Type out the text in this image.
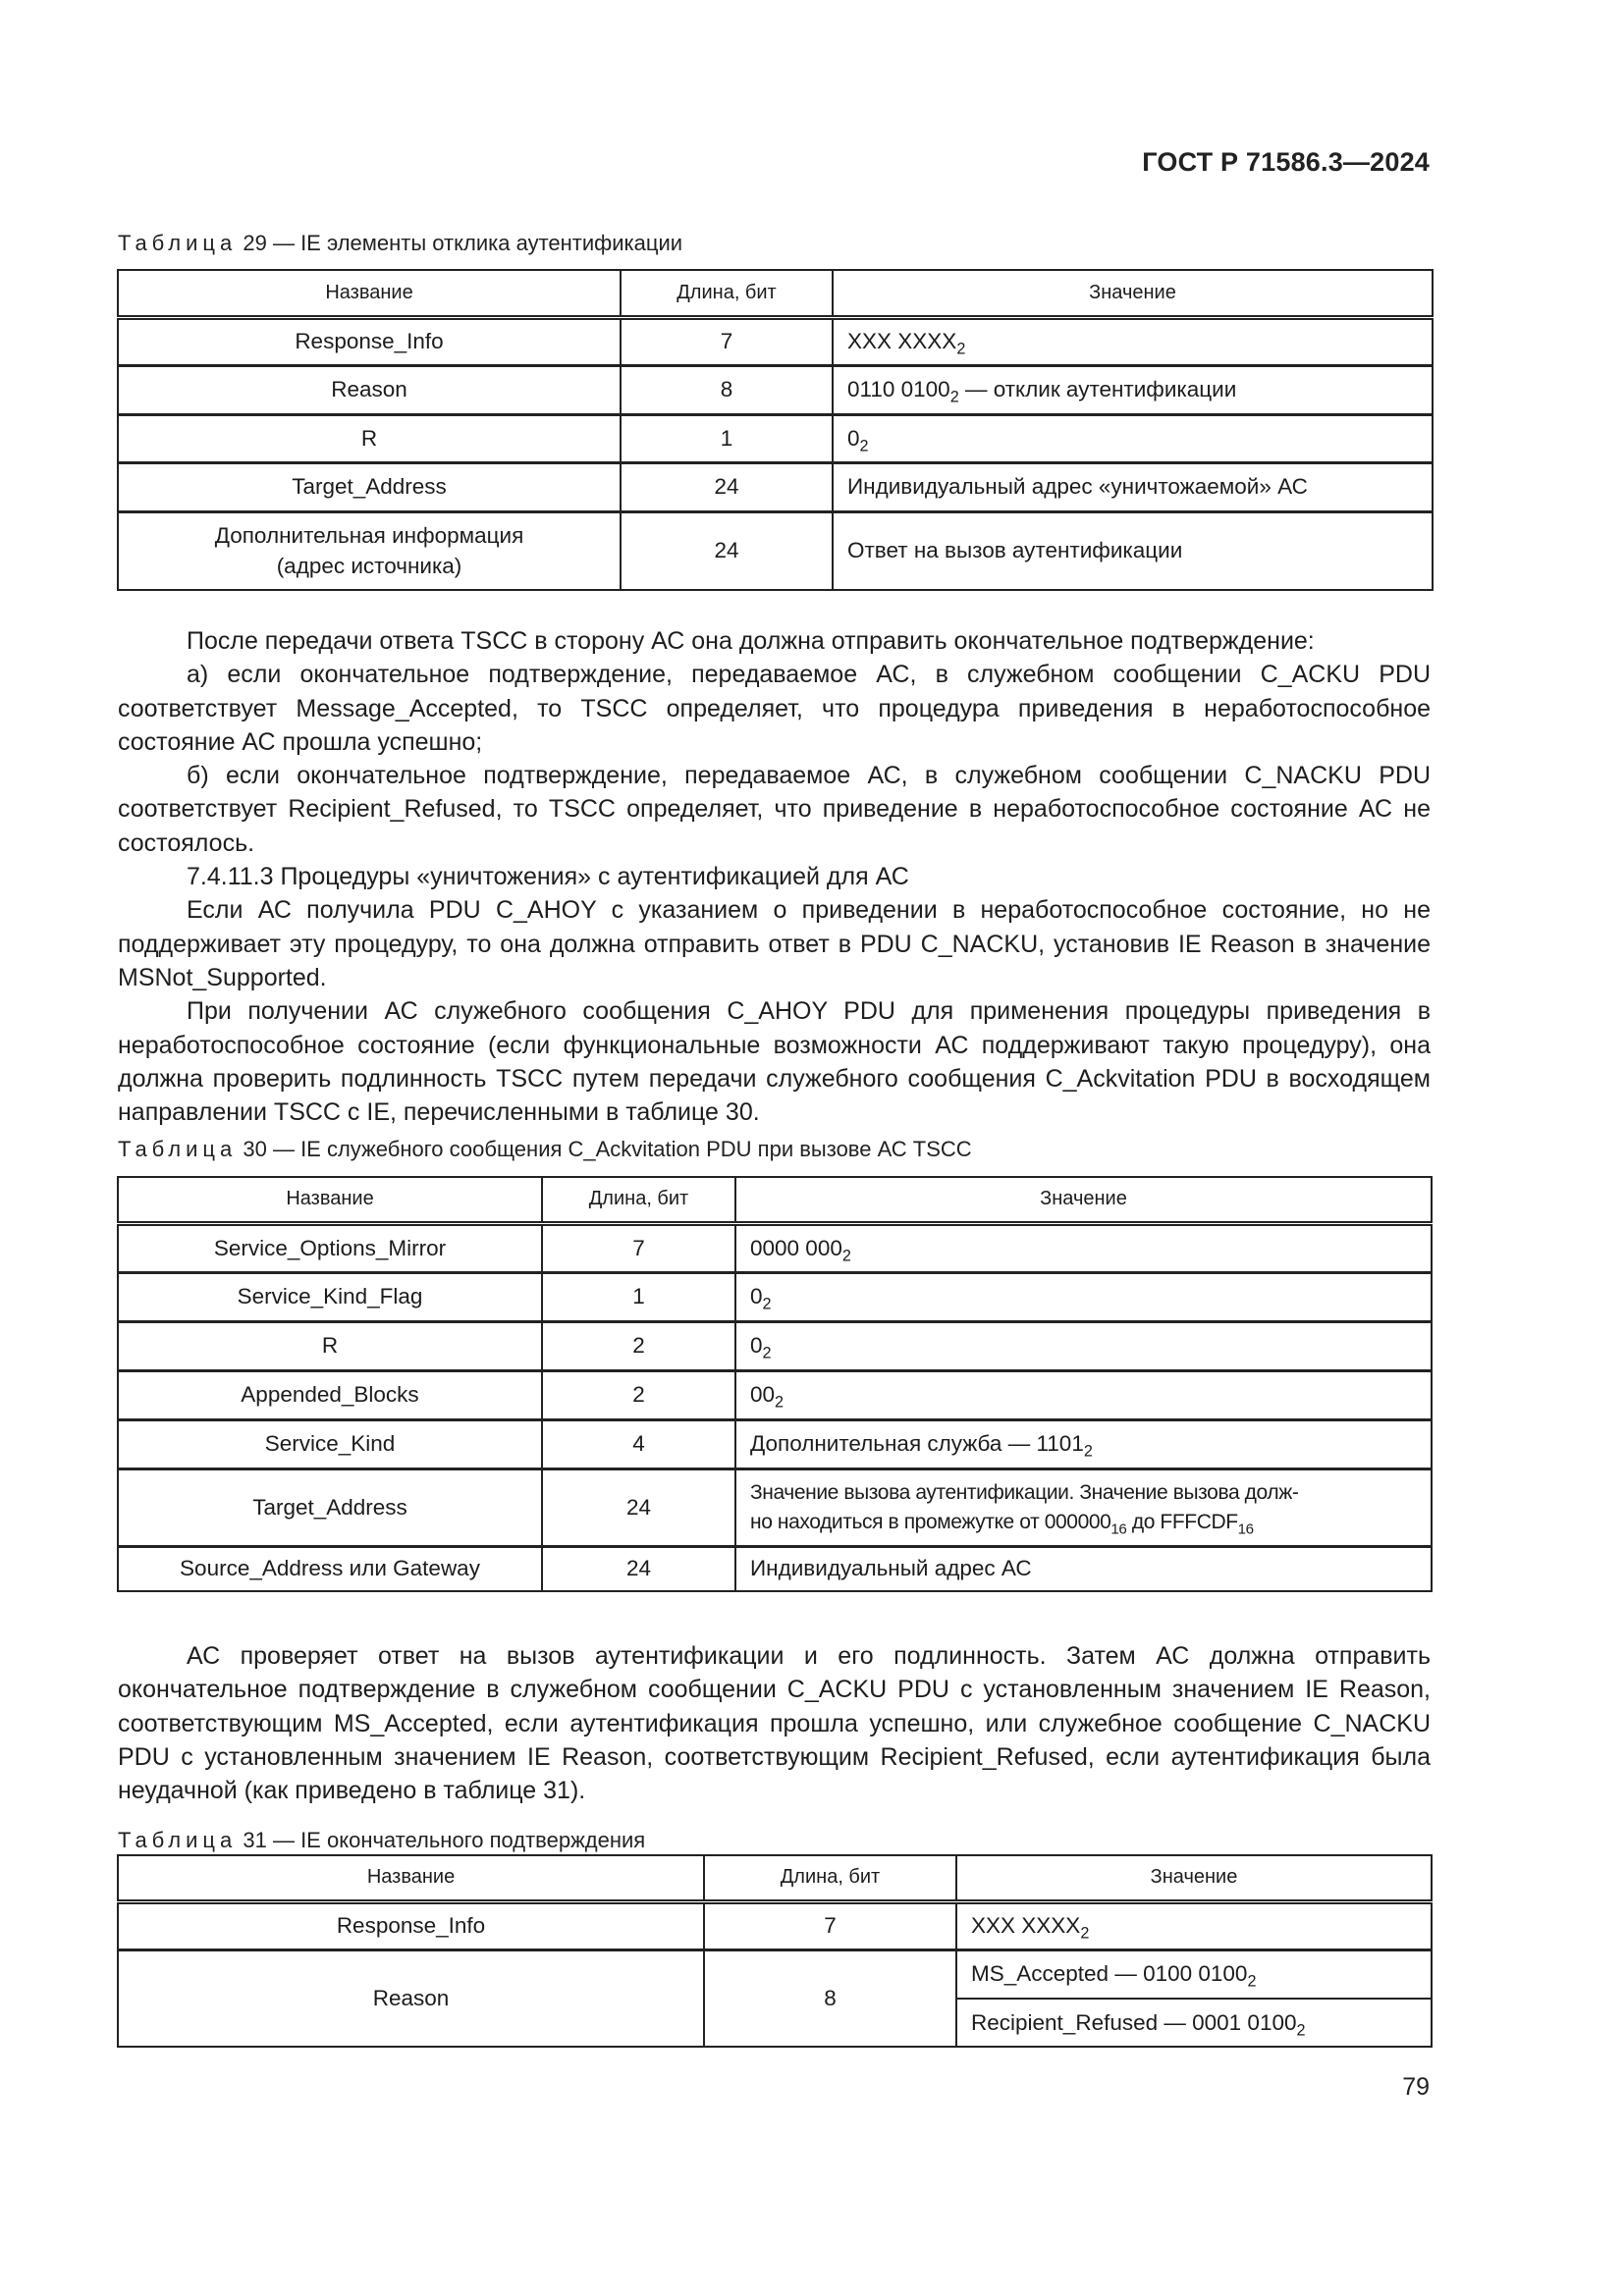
ГОСТ Р 71586.3—2024
Таблица 29 — IE элементы отклика аутентификации
Название	Длина, бит	Значение
Response_Info	7	XXX $XXXX_2$
Reason	8	0110 $0100_2$ — отклик аутентификации
R	1	$0_2$
Target_Address	24	Индивидуальный адрес «уничтожаемой» АС
Дополнительная информация
(адрес источника)	24	Ответ на вызов аутентификации

После передачи ответа TSCC в сторону АС она должна отправить окончательное подтверждение:

а) если окончательное подтверждение, передаваемое АС, в служебном сообщении C_ACKU PDU соответствует Message_Accepted, то TSCC определяет, что процедура приведения в неработоспособное состояние АС прошла успешно;

б) если окончательное подтверждение, передаваемое АС, в служебном сообщении C_NACKU PDU соответствует Recipient_Refused, то TSCC определяет, что приведение в неработоспособное состояние АС не состоялось.

7.4.11.3 Процедуры «уничтожения» с аутентификацией для АС

Если АС получила PDU C_AHOY с указанием о приведении в неработоспособное состояние, но не поддерживает эту процедуру, то она должна отправить ответ в PDU C_NACKU, установив IE Reason в значение MSNot_Supported.

При получении АС служебного сообщения C_AHOY PDU для применения процедуры приведения в неработоспособное состояние (если функциональные возможности АС поддерживают такую процедуру), она должна проверить подлинность TSCC путем передачи служебного сообщения C_Ackvitation PDU в восходящем направлении TSCC с IE, перечисленными в таблице 30.

Таблица 30 — IE служебного сообщения C_Ackvitation PDU при вызове АС TSCC
Название	Длина, бит	Значение
Service_Options_Mirror	7	0000 $000_2$
Service_Kind_Flag	1	$0_2$
R	2	$0_2$
Appended_Blocks	2	$00_2$
Service_Kind	4	Дополнительная служба — $1101_2$
Target_Address	24	Значение вызова аутентификации. Значение вызова долж-
но находиться в промежутке от $000000_{16}$ до $FFFCDF_{16}$
Source_Address или Gateway	24	Индивидуальный адрес АС

АС проверяет ответ на вызов аутентификации и его подлинность. Затем АС должна отправить окончательное подтверждение в служебном сообщении C_ACKU PDU с установленным значением IE Reason, соответствующим MS_Accepted, если аутентификация прошла успешно, или служебное сообщение C_NACKU PDU с установленным значением IE Reason, соответствующим Recipient_Refused, если аутентификация была неудачной (как приведено в таблице 31).

Таблица 31 — IE окончательного подтверждения
Название	Длина, бит	Значение
Response_Info	7	XXX $XXXX_2$
Reason	8	MS_Accepted — 0100 $0100_2$
		Recipient_Refused — 0001 $0100_2$
79
